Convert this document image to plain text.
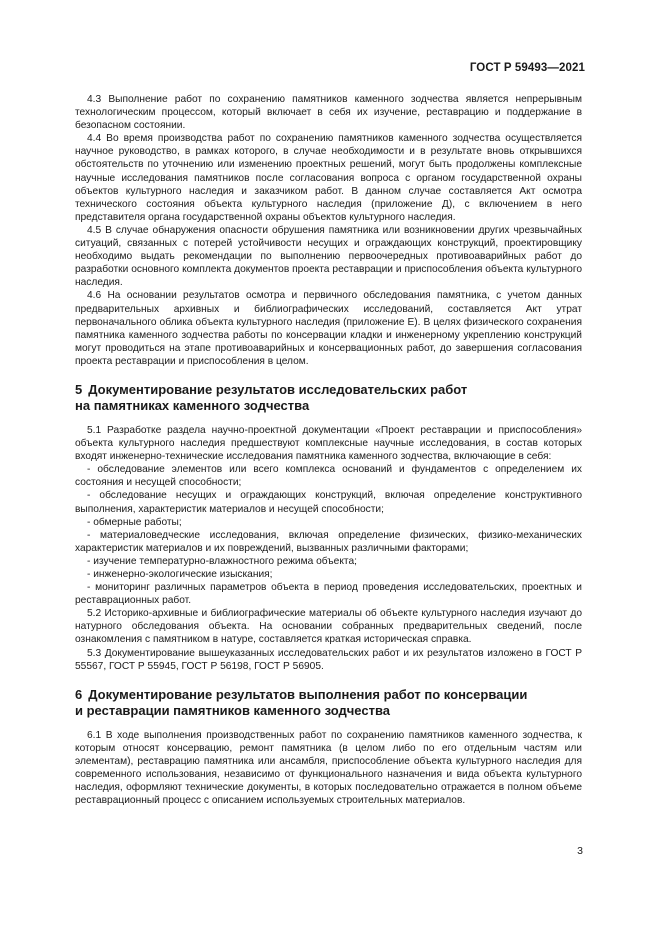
ГОСТ Р 59493—2021

4.3 Выполнение работ по сохранению памятников каменного зодчества является непрерывным технологическим процессом, который включает в себя их изучение, реставрацию и поддержание в безопасном состоянии.

4.4 Во время производства работ по сохранению памятников каменного зодчества осуществляется научное руководство, в рамках которого, в случае необходимости и в результате вновь открывшихся обстоятельств по уточнению или изменению проектных решений, могут быть продолжены комплексные научные исследования памятников после согласования вопроса с органом государственной охраны объектов культурного наследия и заказчиком работ. В данном случае составляется Акт осмотра технического состояния объекта культурного наследия (приложение Д), с включением в него представителя органа государственной охраны объектов культурного наследия.

4.5 В случае обнаружения опасности обрушения памятника или возникновении других чрезвычайных ситуаций, связанных с потерей устойчивости несущих и ограждающих конструкций, проектировщику необходимо выдать рекомендации по выполнению первоочередных противоаварийных работ до разработки основного комплекта документов проекта реставрации и приспособления объекта культурного наследия.

4.6 На основании результатов осмотра и первичного обследования памятника, с учетом данных предварительных архивных и библиографических исследований, составляется Акт утрат первоначального облика объекта культурного наследия (приложение Е). В целях физического сохранения памятника каменного зодчества работы по консервации кладки и инженерному укреплению конструкций могут проводиться на этапе противоаварийных и консервационных работ, до завершения согласования проекта реставрации и приспособления в целом.

5 Документирование результатов исследовательских работ
на памятниках каменного зодчества

5.1 Разработке раздела научно-проектной документации «Проект реставрации и приспособления» объекта культурного наследия предшествуют комплексные научные исследования, в состав которых входят инженерно-технические исследования памятника каменного зодчества, включающие в себя:

- обследование элементов или всего комплекса оснований и фундаментов с определением их состояния и несущей способности;

- обследование несущих и ограждающих конструкций, включая определение конструктивного выполнения, характеристик материалов и несущей способности;

- обмерные работы;

- материаловедческие исследования, включая определение физических, физико-механических характеристик материалов и их повреждений, вызванных различными факторами;

- изучение температурно-влажностного режима объекта;

- инженерно-экологические изыскания;

- мониторинг различных параметров объекта в период проведения исследовательских, проектных и реставрационных работ.

5.2 Историко-архивные и библиографические материалы об объекте культурного наследия изучают до натурного обследования объекта. На основании собранных предварительных сведений, после ознакомления с памятником в натуре, составляется краткая историческая справка.

5.3 Документирование вышеуказанных исследовательских работ и их результатов изложено в ГОСТ Р 55567, ГОСТ Р 55945, ГОСТ Р 56198, ГОСТ Р 56905.

6 Документирование результатов выполнения работ по консервации
и реставрации памятников каменного зодчества

6.1 В ходе выполнения производственных работ по сохранению памятников каменного зодчества, к которым относят консервацию, ремонт памятника (в целом либо по его отдельным частям или элементам), реставрацию памятника или ансамбля, приспособление объекта культурного наследия для современного использования, независимо от функционального назначения и вида объекта культурного наследия, оформляют технические документы, в которых последовательно отражается в полном объеме реставрационный процесс с описанием используемых строительных материалов.

3
